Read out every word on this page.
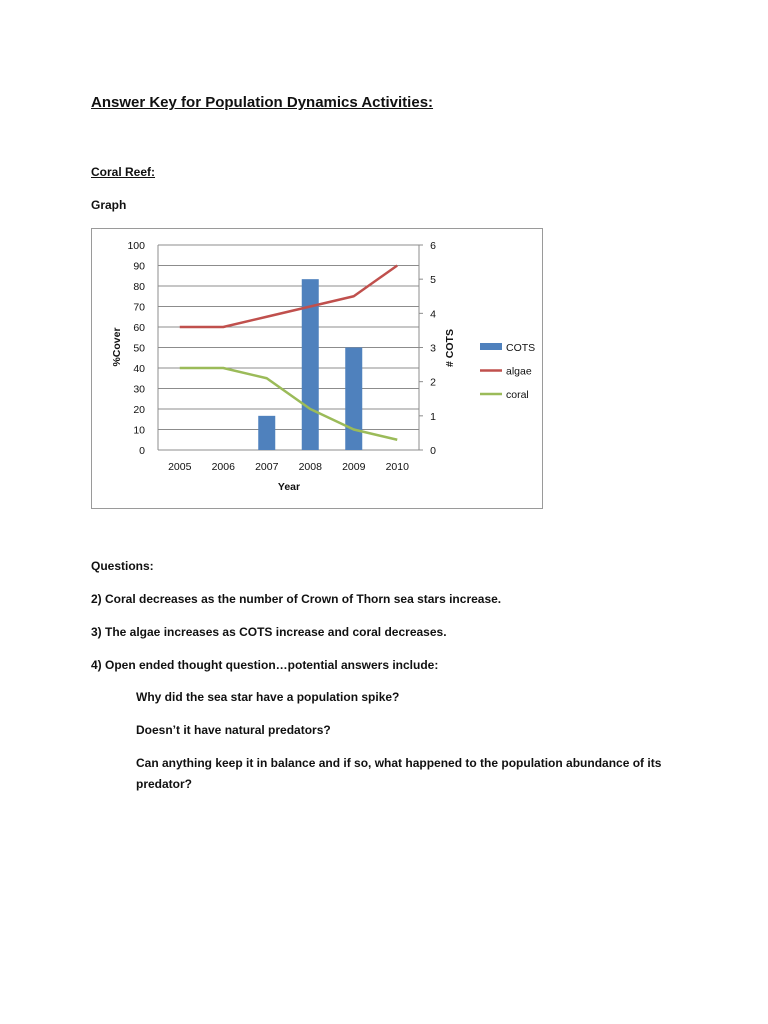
Answer Key for Population Dynamics Activities:
Coral Reef:
Graph
0
10
20
30
40
50
60
70
80
90
100
0
1
2
3
4
5
6
2005 2006 2007 2008 2009 2010
%Cover	# COTS
Year
COTS
algae
coral
Questions:
2) Coral decreases as the number of Crown of Thorn sea stars increase.
3) The algae increases as COTS increase and coral decreases.
4) Open ended thought question…potential answers include:
Why did the sea star have a population spike?
Doesn’t it have natural predators?
Can anything keep it in balance and if so, what happened to the population abundance of its predator?
